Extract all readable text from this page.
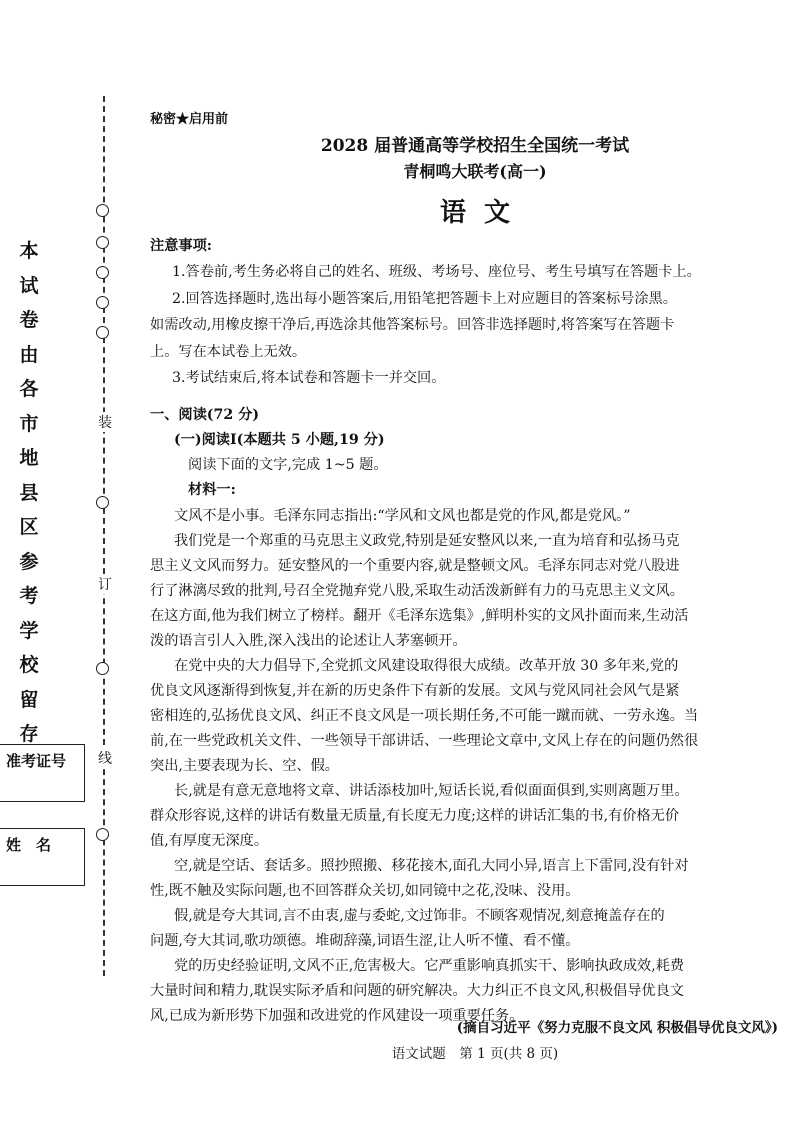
本
试
卷
由
各
市
地
县
区
参
考
学
校
留
存
准考证号
姓　名
装
订
线
秘密★启用前
2028 届普通高等学校招生全国统一考试
青桐鸣大联考(高一)
语文
注意事项:
1.答卷前,考生务必将自己的姓名、班级、考场号、座位号、考生号填写在答题卡上。
2.回答选择题时,选出每小题答案后,用铅笔把答题卡上对应题目的答案标号涂黑。
如需改动,用橡皮擦干净后,再选涂其他答案标号。回答非选择题时,将答案写在答题卡
上。写在本试卷上无效。
3.考试结束后,将本试卷和答题卡一并交回。
一、阅读(72 分)
(一)阅读Ⅰ(本题共 5 小题,19 分)
阅读下面的文字,完成 1~5 题。
材料一:
文风不是小事。毛泽东同志指出:“学风和文风也都是党的作风,都是党风。”
我们党是一个郑重的马克思主义政党,特别是延安整风以来,一直为培育和弘扬马克
思主义文风而努力。延安整风的一个重要内容,就是整顿文风。毛泽东同志对党八股进
行了淋漓尽致的批判,号召全党抛弃党八股,采取生动活泼新鲜有力的马克思主义文风。
在这方面,他为我们树立了榜样。翻开《毛泽东选集》,鲜明朴实的文风扑面而来,生动活
泼的语言引人入胜,深入浅出的论述让人茅塞顿开。
在党中央的大力倡导下,全党抓文风建设取得很大成绩。改革开放 30 多年来,党的
优良文风逐渐得到恢复,并在新的历史条件下有新的发展。文风与党风同社会风气是紧
密相连的,弘扬优良文风、纠正不良文风是一项长期任务,不可能一蹴而就、一劳永逸。当
前,在一些党政机关文件、一些领导干部讲话、一些理论文章中,文风上存在的问题仍然很
突出,主要表现为长、空、假。
长,就是有意无意地将文章、讲话添枝加叶,短话长说,看似面面俱到,实则离题万里。
群众形容说,这样的讲话有数量无质量,有长度无力度;这样的讲话汇集的书,有价格无价
值,有厚度无深度。
空,就是空话、套话多。照抄照搬、移花接木,面孔大同小异,语言上下雷同,没有针对
性,既不触及实际问题,也不回答群众关切,如同镜中之花,没味、没用。
假,就是夸大其词,言不由衷,虚与委蛇,文过饰非。不顾客观情况,刻意掩盖存在的
问题,夸大其词,歌功颂德。堆砌辞藻,词语生涩,让人听不懂、看不懂。
党的历史经验证明,文风不正,危害极大。它严重影响真抓实干、影响执政成效,耗费
大量时间和精力,耽误实际矛盾和问题的研究解决。大力纠正不良文风,积极倡导优良文
风,已成为新形势下加强和改进党的作风建设一项重要任务。
(摘自习近平《努力克服不良文风 积极倡导优良文风》)
语文试题　第 1 页(共 8 页)
